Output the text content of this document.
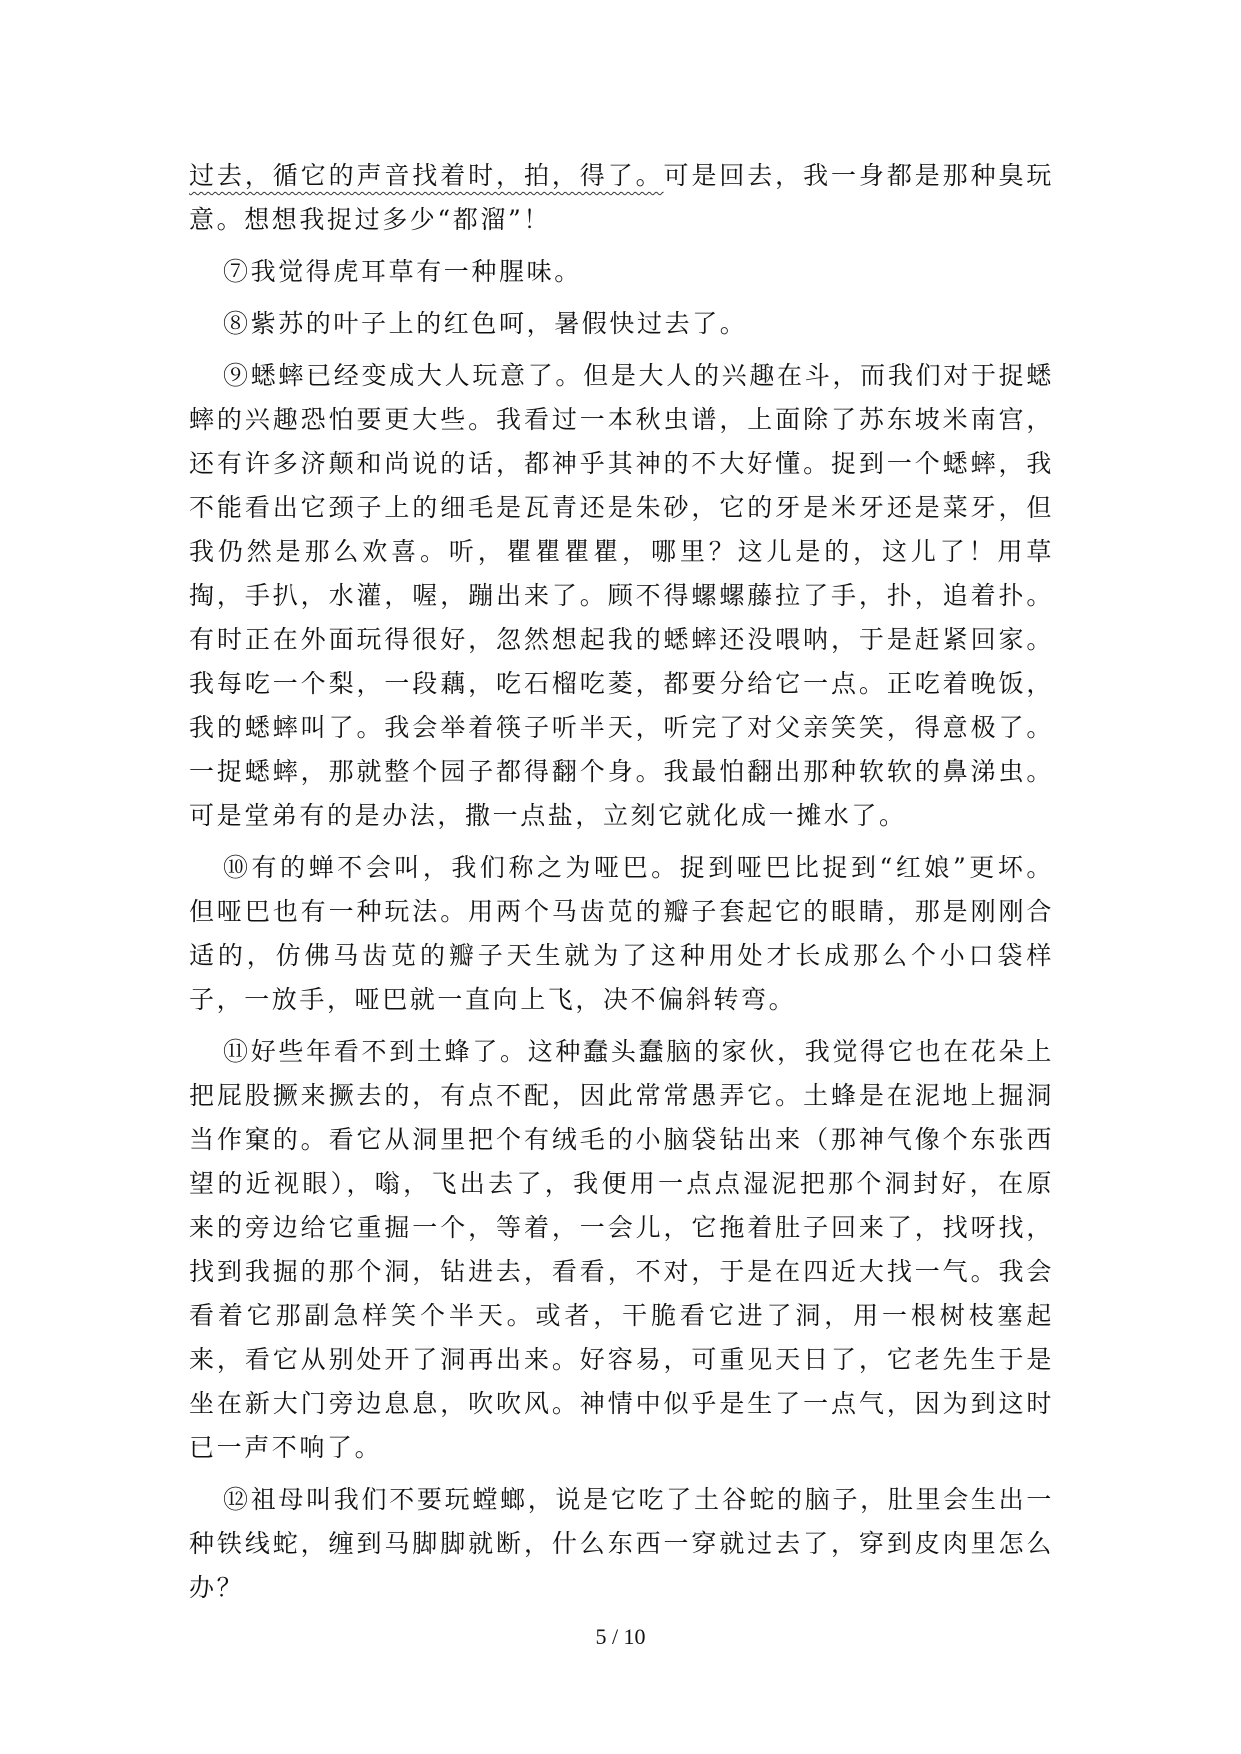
过去，循它的声音找着时，拍，得了。可是回去，我一身都是那种臭玩意。想想我捉过多少“都溜”！

⑦我觉得虎耳草有一种腥味。

⑧紫苏的叶子上的红色呵，暑假快过去了。

⑨蟋蟀已经变成大人玩意了。但是大人的兴趣在斗，而我们对于捉蟋蟀的兴趣恐怕要更大些。我看过一本秋虫谱，上面除了苏东坡米南宫，还有许多济颠和尚说的话，都神乎其神的不大好懂。捉到一个蟋蟀，我不能看出它颈子上的细毛是瓦青还是朱砂，它的牙是米牙还是菜牙，但我仍然是那么欢喜。听，瞿瞿瞿瞿，哪里？这儿是的，这儿了！用草掏，手扒，水灌，喔，蹦出来了。顾不得螺螺藤拉了手，扑，追着扑。有时正在外面玩得很好，忽然想起我的蟋蟀还没喂呐，于是赶紧回家。我每吃一个梨，一段藕，吃石榴吃菱，都要分给它一点。正吃着晚饭，我的蟋蟀叫了。我会举着筷子听半天，听完了对父亲笑笑，得意极了。一捉蟋蟀，那就整个园子都得翻个身。我最怕翻出那种软软的鼻涕虫。可是堂弟有的是办法，撒一点盐，立刻它就化成一摊水了。

⑩有的蝉不会叫，我们称之为哑巴。捉到哑巴比捉到“红娘”更坏。但哑巴也有一种玩法。用两个马齿苋的瓣子套起它的眼睛，那是刚刚合适的，仿佛马齿苋的瓣子天生就为了这种用处才长成那么个小口袋样子，一放手，哑巴就一直向上飞，决不偏斜转弯。

⑪好些年看不到土蜂了。这种蠢头蠢脑的家伙，我觉得它也在花朵上把屁股撅来撅去的，有点不配，因此常常愚弄它。土蜂是在泥地上掘洞当作窠的。看它从洞里把个有绒毛的小脑袋钻出来（那神气像个东张西望的近视眼），嗡，飞出去了，我便用一点点湿泥把那个洞封好，在原来的旁边给它重掘一个，等着，一会儿，它拖着肚子回来了，找呀找，找到我掘的那个洞，钻进去，看看，不对，于是在四近大找一气。我会看着它那副急样笑个半天。或者，干脆看它进了洞，用一根树枝塞起来，看它从别处开了洞再出来。好容易，可重见天日了，它老先生于是坐在新大门旁边息息，吹吹风。神情中似乎是生了一点气，因为到这时已一声不响了。

⑫祖母叫我们不要玩螳螂，说是它吃了土谷蛇的脑子，肚里会生出一种铁线蛇，缠到马脚脚就断，什么东西一穿就过去了，穿到皮肉里怎么办？

5 / 10
